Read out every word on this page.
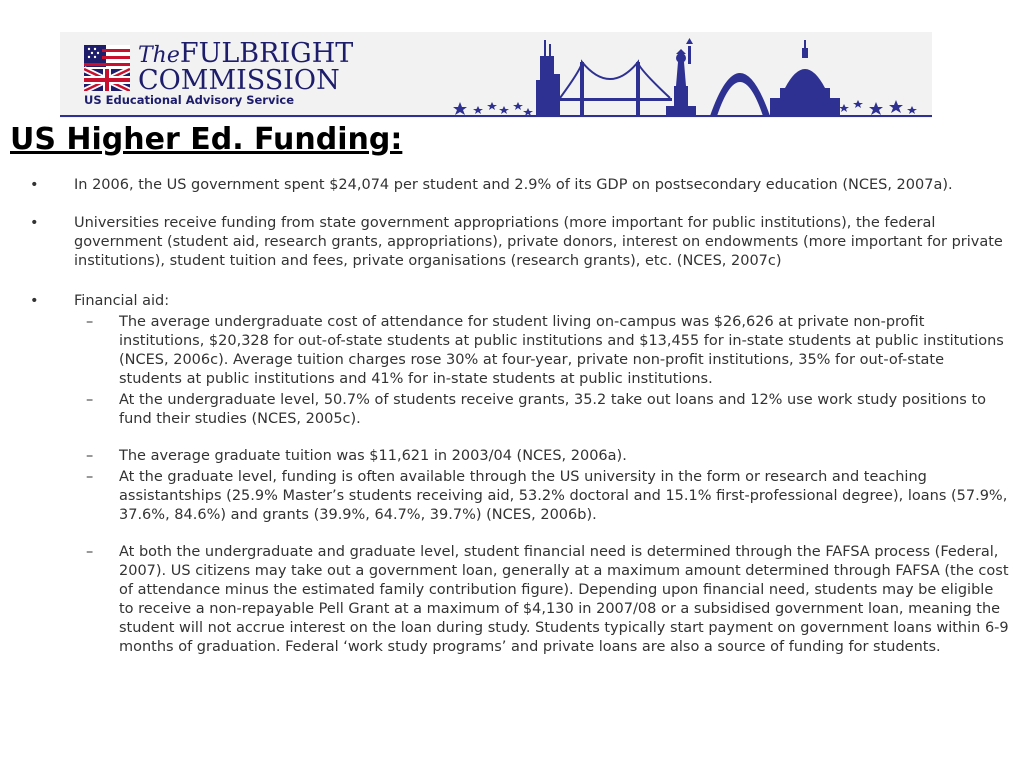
TheFULBRIGHT
COMMISSION
US Educational Advisory Service
US Higher Ed. Funding:
•	In 2006, the US government spent $24,074 per student and 2.9% of its GDP on postsecondary education (NCES, 2007a).
•	Universities receive funding from state government appropriations (more important for public institutions), the federal government (student aid, research grants, appropriations), private donors, interest on endowments (more important for private institutions), student tuition and fees, private organisations (research grants), etc. (NCES, 2007c)
•	Financial aid:
–	The average undergraduate cost of attendance for student living on-campus was $26,626 at private non-profit institutions, $20,328 for out-of-state students at public institutions and $13,455 for in-state students at public institutions (NCES, 2006c). Average tuition charges rose 30% at four-year, private non-profit institutions, 35% for out-of-state students at public institutions and 41% for in-state students at public institutions.
–	At the undergraduate level, 50.7% of students receive grants, 35.2 take out loans and 12% use work study positions to fund their studies (NCES, 2005c).
–	The average graduate tuition was $11,621 in 2003/04 (NCES, 2006a).
–	At the graduate level, funding is often available through the US university in the form or research and teaching assistantships (25.9% Master’s students receiving aid, 53.2% doctoral and 15.1% first-professional degree), loans (57.9%, 37.6%, 84.6%) and grants (39.9%, 64.7%, 39.7%) (NCES, 2006b).
–	At both the undergraduate and graduate level, student financial need is determined through the FAFSA process (Federal, 2007). US citizens may take out a government loan, generally at a maximum amount determined through FAFSA (the cost of attendance minus the estimated family contribution figure). Depending upon financial need, students may be eligible to receive a non-repayable Pell Grant at a maximum of $4,130 in 2007/08 or a subsidised government loan, meaning the student will not accrue interest on the loan during study. Students typically start payment on government loans within 6-9 months of graduation. Federal ‘work study programs’ and private loans are also a source of funding for students.
